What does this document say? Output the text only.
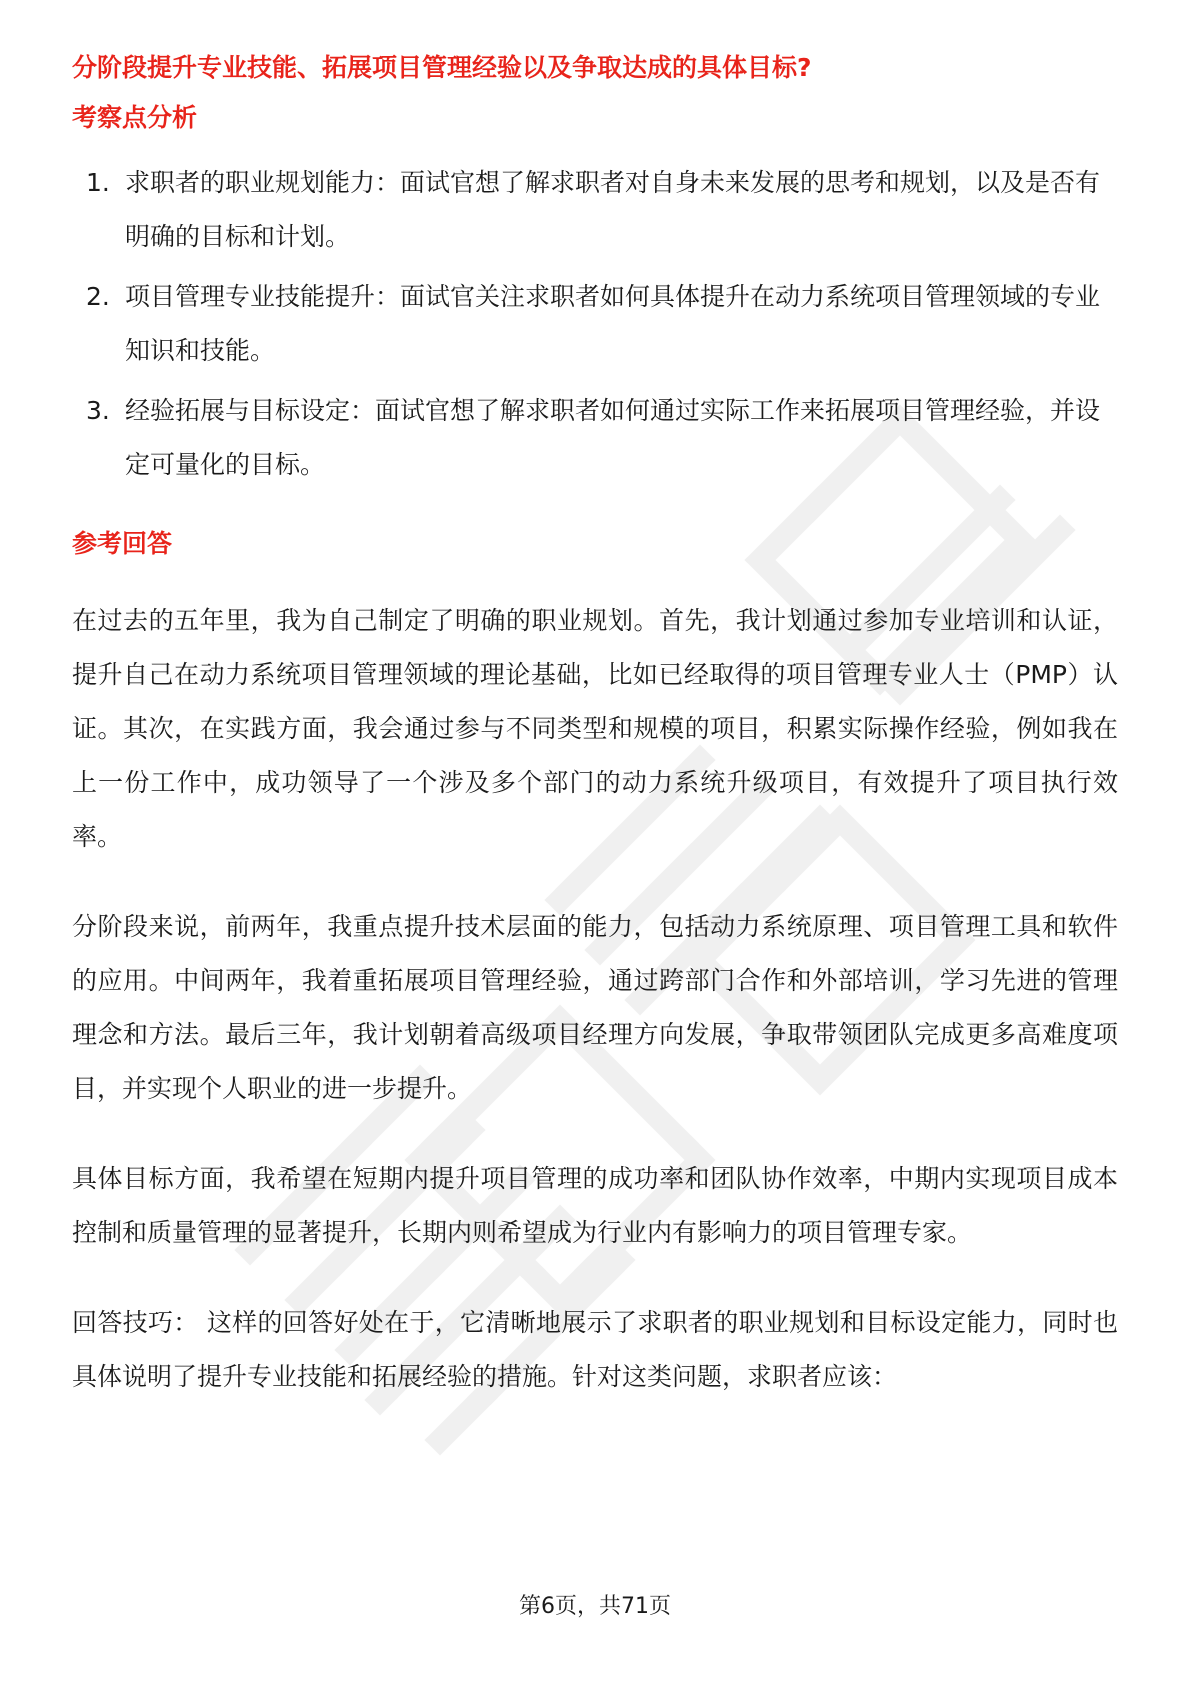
分阶段提升专业技能、拓展项目管理经验以及争取达成的具体目标?
考察点分析
1. 求职者的职业规划能力：面试官想了解求职者对自身未来发展的思考和规划，以及是否有明确的目标和计划。
2. 项目管理专业技能提升：面试官关注求职者如何具体提升在动力系统项目管理领域的专业知识和技能。
3. 经验拓展与目标设定：面试官想了解求职者如何通过实际工作来拓展项目管理经验，并设定可量化的目标。
参考回答

在过去的五年里，我为自己制定了明确的职业规划。首先，我计划通过参加专业培训和认证，提升自己在动力系统项目管理领域的理论基础，比如已经取得的项目管理专业人士（PMP）认证。其次，在实践方面，我会通过参与不同类型和规模的项目，积累实际操作经验，例如我在上一份工作中，成功领导了一个涉及多个部门的动力系统升级项目，有效提升了项目执行效率。

分阶段来说，前两年，我重点提升技术层面的能力，包括动力系统原理、项目管理工具和软件的应用。中间两年，我着重拓展项目管理经验，通过跨部门合作和外部培训，学习先进的管理理念和方法。最后三年，我计划朝着高级项目经理方向发展，争取带领团队完成更多高难度项目，并实现个人职业的进一步提升。

具体目标方面，我希望在短期内提升项目管理的成功率和团队协作效率，中期内实现项目成本控制和质量管理的显著提升，长期内则希望成为行业内有影响力的项目管理专家。

回答技巧： 这样的回答好处在于，它清晰地展示了求职者的职业规划和目标设定能力，同时也具体说明了提升专业技能和拓展经验的措施。针对这类问题，求职者应该：

第6页，共71页
